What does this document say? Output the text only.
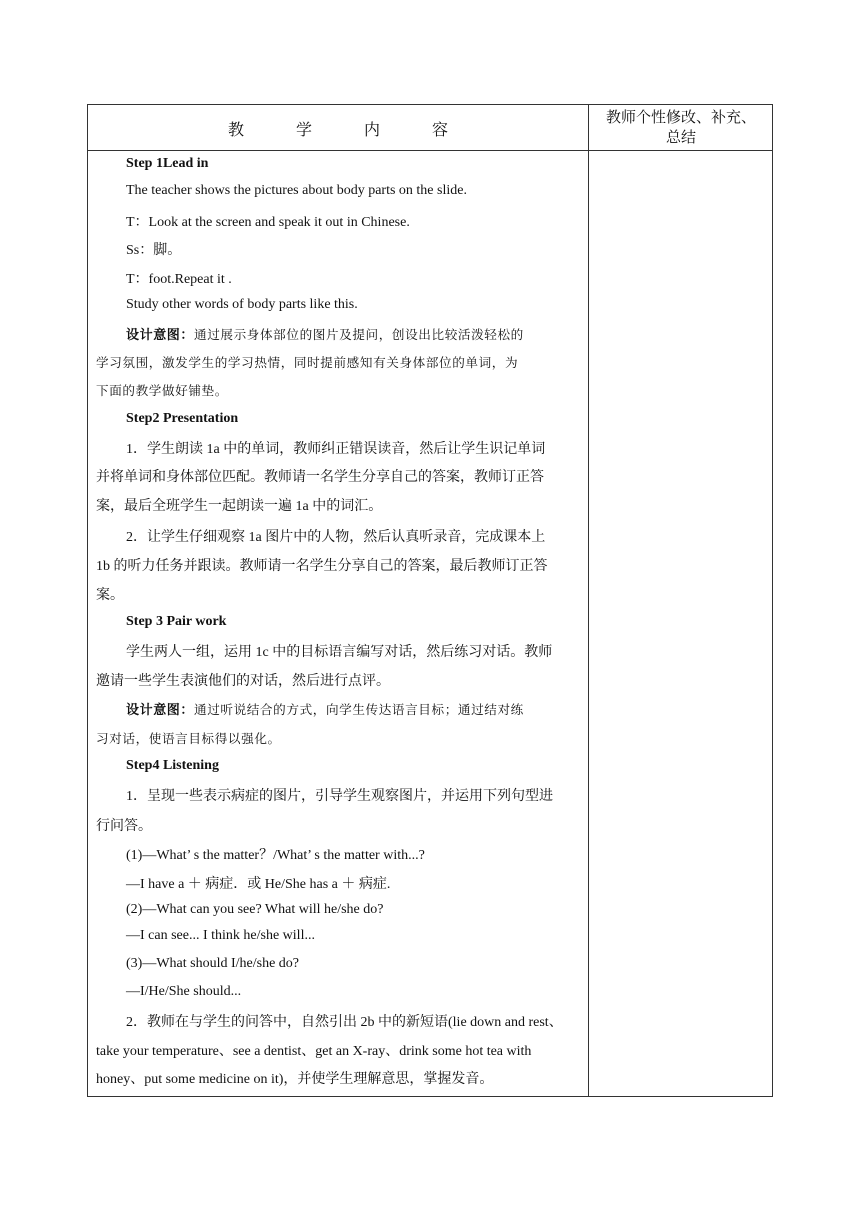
教	学	内	容
教师个性修改、补充、
总结
Step 1Lead in
The teacher shows the pictures about body parts on the slide.
T：Look at the screen and speak it out in Chinese.
Ss：脚。
T：foot.Repeat it .
Study other words of body parts like this.
设计意图：通过展示身体部位的图片及提问，创设出比较活泼轻松的
学习氛围，激发学生的学习热情，同时提前感知有关身体部位的单词，为
下面的教学做好铺垫。
Step2 Presentation
1．学生朗读 1a 中的单词，教师纠正错误读音，然后让学生识记单词
并将单词和身体部位匹配。教师请一名学生分享自己的答案，教师订正答
案，最后全班学生一起朗读一遍 1a 中的词汇。
2．让学生仔细观察 1a 图片中的人物，然后认真听录音，完成课本上
1b 的听力任务并跟读。教师请一名学生分享自己的答案，最后教师订正答
案。
Step 3 Pair work
学生两人一组，运用 1c 中的目标语言编写对话，然后练习对话。教师
邀请一些学生表演他们的对话，然后进行点评。
设计意图：通过听说结合的方式，向学生传达语言目标；通过结对练
习对话，使语言目标得以强化。
Step4 Listening
1．呈现一些表示病症的图片，引导学生观察图片，并运用下列句型进
行问答。
(1)—What’ s the matter？/What’ s the matter with...?
—I have a ＋ 病症．或 He/She has a ＋ 病症.
(2)—What can you see? What will he/she do?
—I can see... I think he/she will...
(3)—What should I/he/she do?
—I/He/She should...
2．教师在与学生的问答中，自然引出 2b 中的新短语(lie down and rest、
take your temperature、see a dentist、get an X-ray、drink some hot tea with
honey、put some medicine on it)，并使学生理解意思，掌握发音。
